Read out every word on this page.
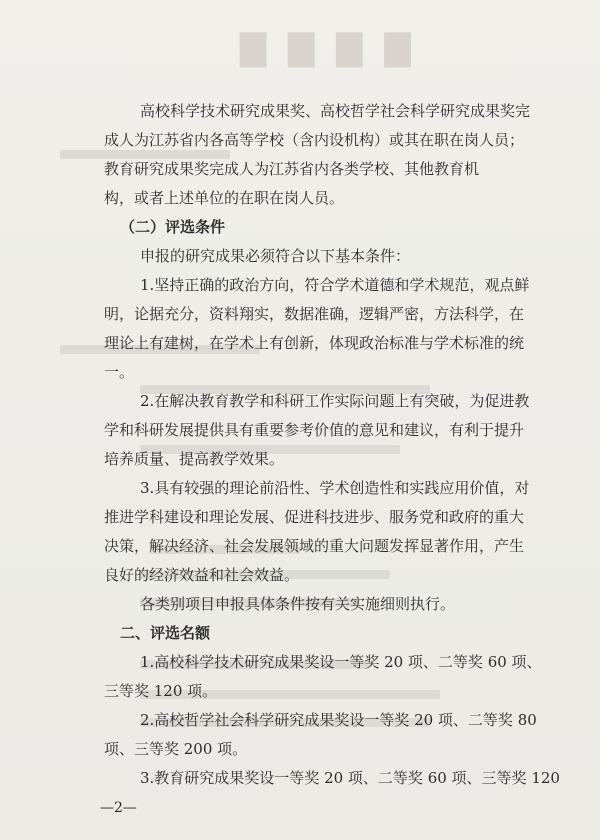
▇▇▇▇
高校科学技术研究成果奖、高校哲学社会科学研究成果奖完
成人为江苏省内各高等学校（含内设机构）或其在职在岗人员；
教育研究成果奖完成人为江苏省内各类学校、其他教育机
构，或者上述单位的在职在岗人员。
（二）评选条件
申报的研究成果必须符合以下基本条件：
1.坚持正确的政治方向，符合学术道德和学术规范，观点鲜
明，论据充分，资料翔实，数据准确，逻辑严密，方法科学，在
理论上有建树，在学术上有创新，体现政治标准与学术标准的统
一。
2.在解决教育教学和科研工作实际问题上有突破，为促进教
学和科研发展提供具有重要参考价值的意见和建议，有利于提升
培养质量、提高教学效果。
3.具有较强的理论前沿性、学术创造性和实践应用价值，对
推进学科建设和理论发展、促进科技进步、服务党和政府的重大
决策，解决经济、社会发展领域的重大问题发挥显著作用，产生
良好的经济效益和社会效益。
各类别项目申报具体条件按有关实施细则执行。
二、评选名额
1.高校科学技术研究成果奖设一等奖 20 项、二等奖 60 项、
三等奖 120 项。
2.高校哲学社会科学研究成果奖设一等奖 20 项、二等奖 80
项、三等奖 200 项。
3.教育研究成果奖设一等奖 20 项、二等奖 60 项、三等奖 120
—2—
